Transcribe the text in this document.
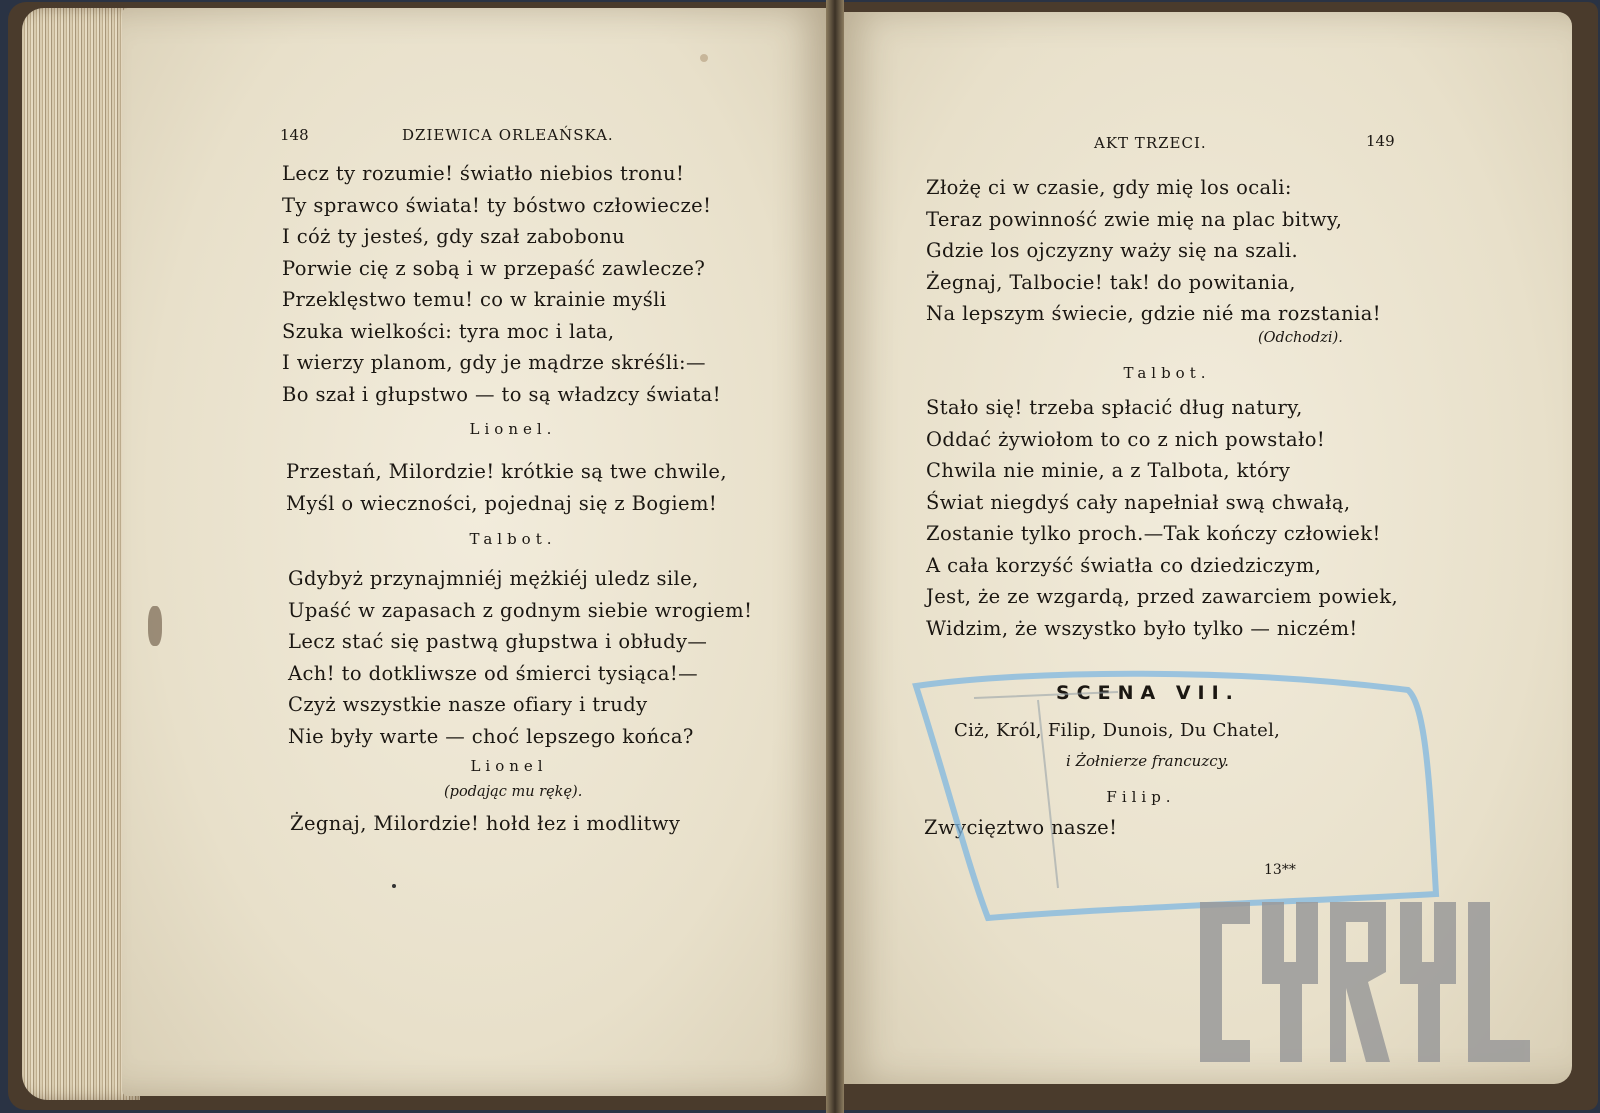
148	DZIEWICA ORLEAŃSKA.
Lecz ty rozumie! światło niebios tronu!
Ty sprawco świata! ty bóstwo człowiecze!
I cóż ty jesteś, gdy szał zabobonu
Porwie cię z sobą i w przepaść zawlecze?
Przeklęstwo temu! co w krainie myśli
Szuka wielkości: tyra moc i lata,
I wierzy planom, gdy je mądrze skréśli:—
Bo szał i głupstwo — to są władzcy świata!
Lionel.
Przestań, Milordzie! krótkie są twe chwile,
Myśl o wieczności, pojednaj się z Bogiem!
Talbot.
Gdybyż przynajmniéj mężkiéj uledz sile,
Upaść w zapasach z godnym siebie wrogiem!
Lecz stać się pastwą głupstwa i obłudy—
Ach! to dotkliwsze od śmierci tysiąca!—
Czyż wszystkie nasze ofiary i trudy
Nie były warte — choć lepszego końca?
Lionel
(podając mu rękę).
Żegnaj, Milordzie! hołd łez i modlitwy
AKT TRZECI.	149
Złożę ci w czasie, gdy mię los ocali:
Teraz powinność zwie mię na plac bitwy,
Gdzie los ojczyzny waży się na szali.
Żegnaj, Talbocie! tak! do powitania,
Na lepszym świecie, gdzie nié ma rozstania!
(Odchodzi).
Talbot.
Stało się! trzeba spłacić dług natury,
Oddać żywiołom to co z nich powstało!
Chwila nie minie, a z Talbota, który
Świat niegdyś cały napełniał swą chwałą,
Zostanie tylko proch.—Tak kończy człowiek!
A cała korzyść światła co dziedziczym,
Jest, że ze wzgardą, przed zawarciem powiek,
Widzim, że wszystko było tylko — niczém!
SCENA VII.
Ciż, Król, Filip, Dunois, Du Chatel,
i Żołnierze francuzcy.
Filip.
Zwycięztwo nasze!
13**
